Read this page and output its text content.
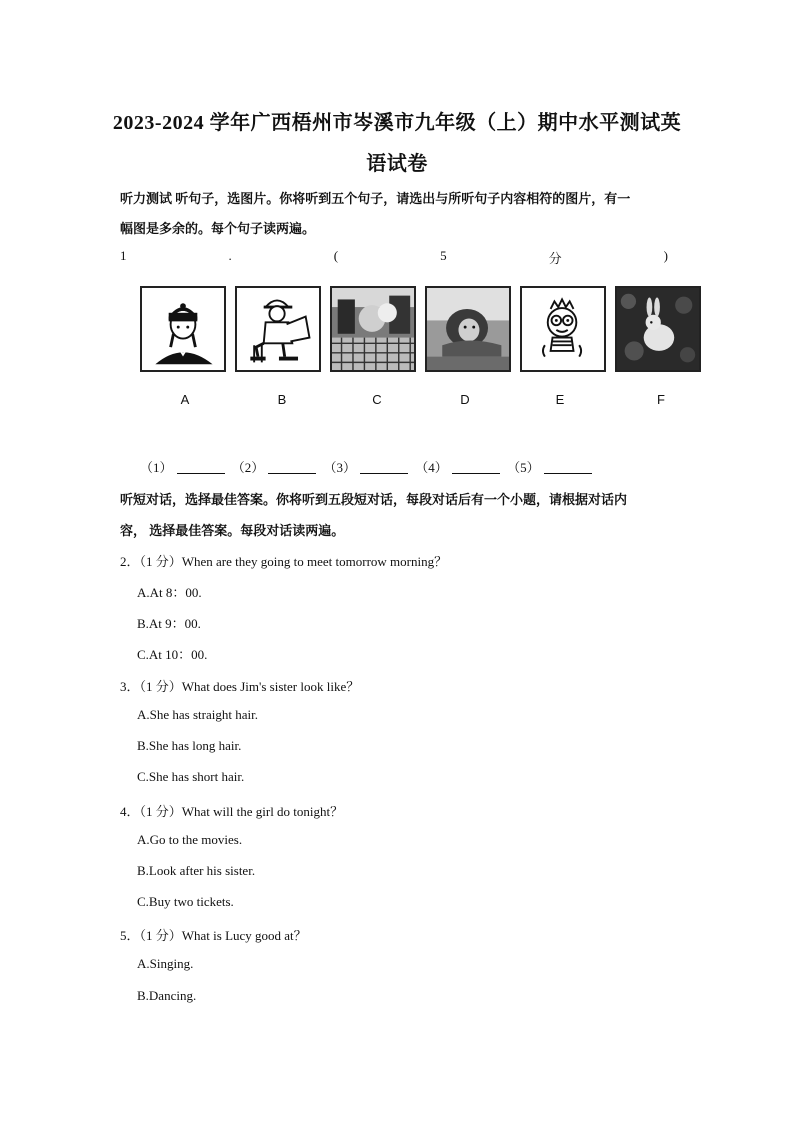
2023-2024 学年广西梧州市岑溪市九年级（上）期中水平测试英
语试卷
听力测试 听句子，选图片。你将听到五个句子，请选出与所听句子内容相符的图片，有一
幅图是多余的。每个句子读两遍。
1	.	(	5	分	)
A	B	C	D	E	F
（1）	（2）	（3）	（4）	（5）
听短对话，选择最佳答案。你将听到五段短对话，每段对话后有一个小题，请根据对话内
容， 选择最佳答案。每段对话读两遍。
2．（1 分）When are they going to meet tomorrow morning？
A.At 8：00.
B.At 9：00.
C.At 10：00.
3．（1 分）What does Jim's sister look like？
A.She has straight hair.
B.She has long hair.
C.She has short hair.
4．（1 分）What will the girl do tonight？
A.Go to the movies.
B.Look after his sister.
C.Buy two tickets.
5．（1 分）What is Lucy good at？
A.Singing.
B.Dancing.
